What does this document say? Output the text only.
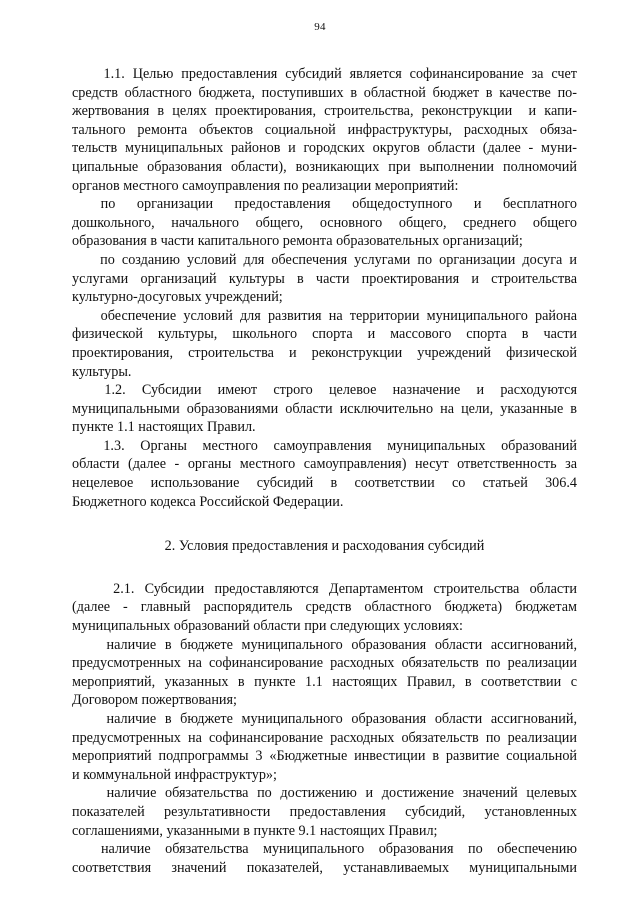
94
1.1. Целью предоставления субсидий является софинансирование за счет
средств областного бюджета, поступивших в областной бюджет в качестве по-
жертвования в целях проектирования, строительства, реконструкции  и капи-
тального ремонта объектов социальной инфраструктуры, расходных обяза-
тельств муниципальных районов и городских округов области (далее - муни-
ципальные образования области), возникающих при выполнении полномочий
органов местного самоуправления по реализации мероприятий:
по   организации   предоставления   общедоступного   и   бесплатного
дошкольного, начального общего, основного общего, среднего общего
образования в части капитального ремонта образовательных организаций;
по созданию условий для обеспечения услугами по организации досуга и
услугами организаций культуры в части проектирования и строительства
культурно-досуговых учреждений;
обеспечение условий для развития на территории муниципального района
физической культуры, школьного спорта и массового спорта в части
проектирования, строительства и реконструкции учреждений физической
культуры.
1.2.  Субсидии  имеют  строго  целевое  назначение  и  расходуются
муниципальными образованиями области исключительно на цели, указанные в
пункте 1.1 настоящих Правил.
1.3.  Органы  местного  самоуправления  муниципальных  образований
области (далее - органы местного самоуправления) несут ответственность за
нецелевое  использование  субсидий  в  соответствии  со  статьей  306.4
Бюджетного кодекса Российской Федерации.
2. Условия предоставления и расходования субсидий
2.1. Субсидии предоставляются Департаментом строительства области
(далее - главный распорядитель средств областного бюджета) бюджетам
муниципальных образований области при следующих условиях:
наличие в бюджете муниципального образования области ассигнований,
предусмотренных на софинансирование расходных обязательств по реализации
мероприятий, указанных в пункте 1.1 настоящих Правил, в соответствии с
Договором пожертвования;
наличие в бюджете муниципального образования области ассигнований,
предусмотренных на софинансирование расходных обязательств по реализации
мероприятий подпрограммы 3 «Бюджетные инвестиции в развитие социальной
и коммунальной инфраструктур»;
наличие обязательства по достижению и достижение значений целевых
показателей  результативности  предоставления  субсидий,  установленных
соглашениями, указанными в пункте 9.1 настоящих Правил;
наличие  обязательства  муниципального  образования  по  обеспечению
соответствия   значений   показателей,   устанавливаемых   муниципальными
